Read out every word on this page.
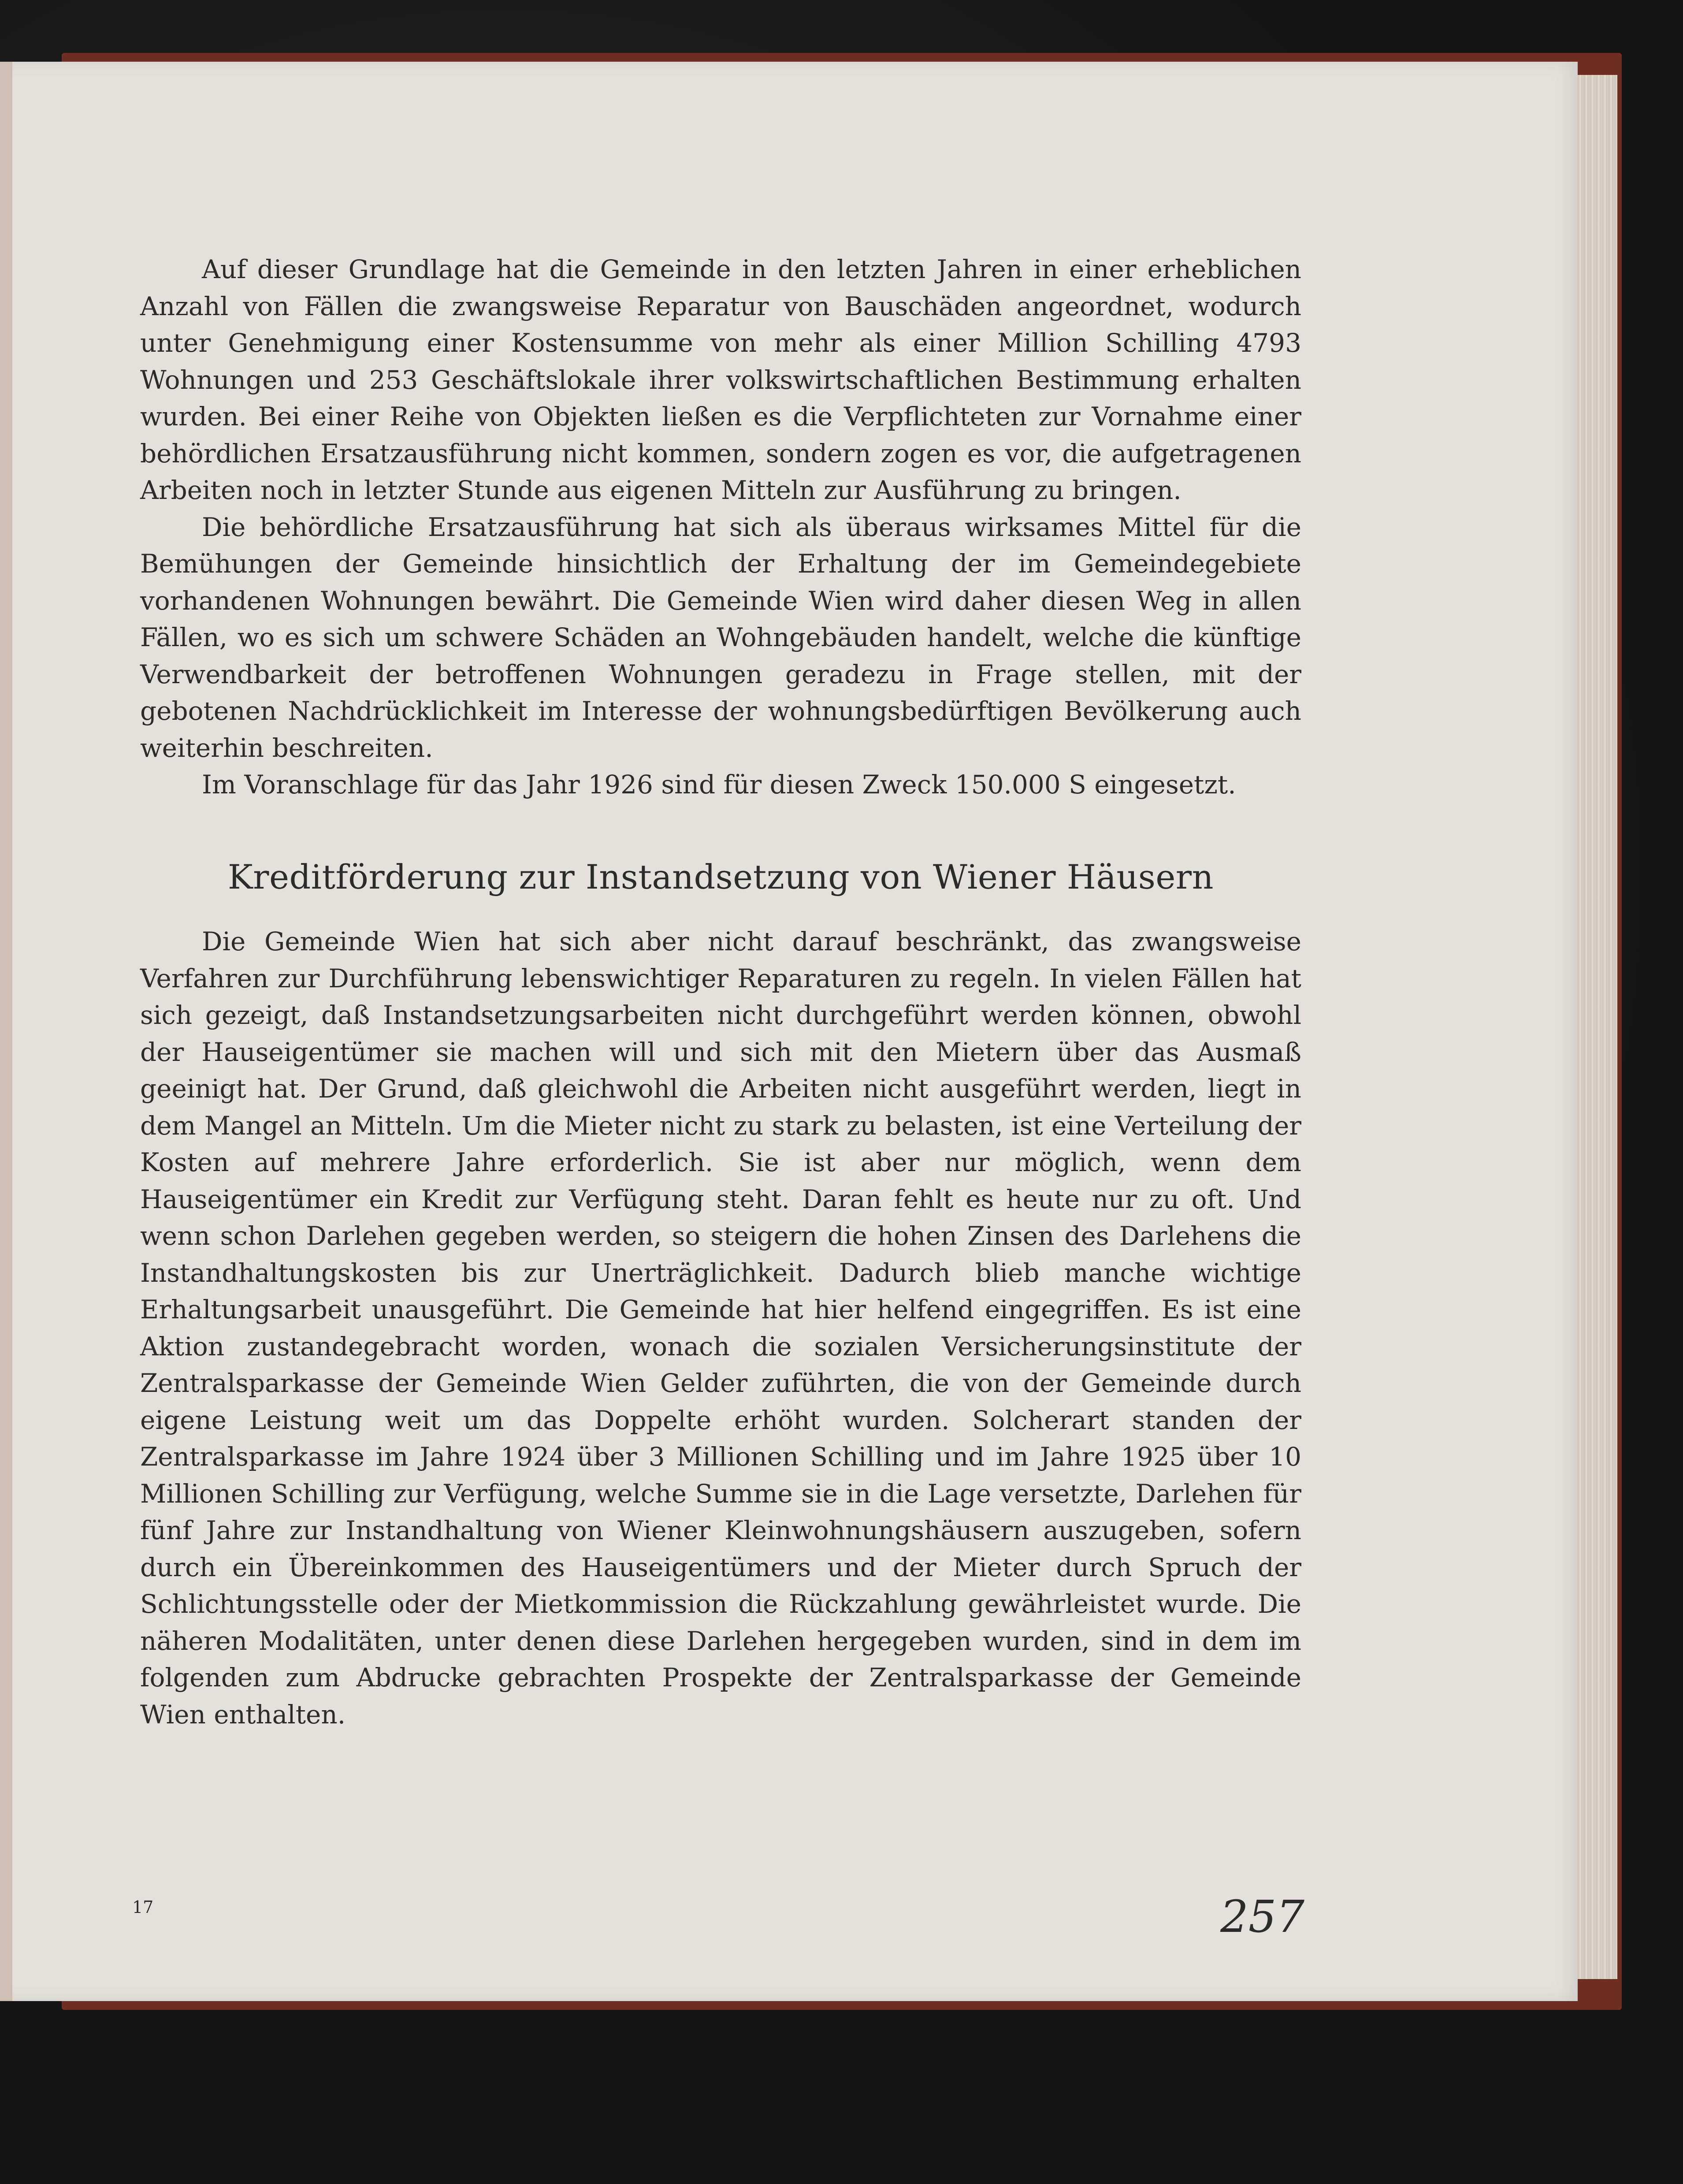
Auf dieser Grundlage hat die Gemeinde in den letzten Jahren in einer erheblichen Anzahl von Fällen die zwangsweise Reparatur von Bauschäden angeordnet, wodurch unter Genehmigung einer Kostensumme von mehr als einer Million Schilling 4793 Wohnungen und 253 Geschäftslokale ihrer volkswirtschaftlichen Bestimmung erhalten wurden. Bei einer Reihe von Objekten ließen es die Verpflichteten zur Vornahme einer behördlichen Ersatzausführung nicht kommen, sondern zogen es vor, die aufgetragenen Arbeiten noch in letzter Stunde aus eigenen Mitteln zur Ausführung zu bringen.

Die behördliche Ersatzausführung hat sich als überaus wirksames Mittel für die Bemühungen der Gemeinde hinsichtlich der Erhaltung der im Gemeindegebiete vorhandenen Wohnungen bewährt. Die Gemeinde Wien wird daher diesen Weg in allen Fällen, wo es sich um schwere Schäden an Wohngebäuden handelt, welche die künftige Verwendbarkeit der betroffenen Wohnungen geradezu in Frage stellen, mit der gebotenen Nachdrücklichkeit im Interesse der wohnungsbedürftigen Bevölkerung auch weiterhin beschreiten.

Im Voranschlage für das Jahr 1926 sind für diesen Zweck 150.000 S eingesetzt.

Kreditförderung zur Instandsetzung von Wiener Häusern

Die Gemeinde Wien hat sich aber nicht darauf beschränkt, das zwangsweise Verfahren zur Durchführung lebenswichtiger Reparaturen zu regeln. In vielen Fällen hat sich gezeigt, daß Instandsetzungsarbeiten nicht durchgeführt werden können, obwohl der Hauseigentümer sie machen will und sich mit den Mietern über das Ausmaß geeinigt hat. Der Grund, daß gleichwohl die Arbeiten nicht ausgeführt werden, liegt in dem Mangel an Mitteln. Um die Mieter nicht zu stark zu belasten, ist eine Verteilung der Kosten auf mehrere Jahre erforderlich. Sie ist aber nur möglich, wenn dem Hauseigentümer ein Kredit zur Verfügung steht. Daran fehlt es heute nur zu oft. Und wenn schon Darlehen gegeben werden, so steigern die hohen Zinsen des Darlehens die Instandhaltungskosten bis zur Unerträglichkeit. Dadurch blieb manche wichtige Erhaltungsarbeit unausgeführt. Die Gemeinde hat hier helfend eingegriffen. Es ist eine Aktion zustandegebracht worden, wonach die sozialen Versicherungsinstitute der Zentralsparkasse der Gemeinde Wien Gelder zuführten, die von der Gemeinde durch eigene Leistung weit um das Doppelte erhöht wurden. Solcherart standen der Zentralsparkasse im Jahre 1924 über 3 Millionen Schilling und im Jahre 1925 über 10 Millionen Schilling zur Verfügung, welche Summe sie in die Lage versetzte, Darlehen für fünf Jahre zur Instandhaltung von Wiener Kleinwohnungshäusern auszugeben, sofern durch ein Übereinkommen des Hauseigentümers und der Mieter durch Spruch der Schlichtungsstelle oder der Mietkommission die Rückzahlung gewährleistet wurde. Die näheren Modalitäten, unter denen diese Darlehen hergegeben wurden, sind in dem im folgenden zum Abdrucke gebrachten Prospekte der Zentralsparkasse der Gemeinde Wien enthalten.

17	257
